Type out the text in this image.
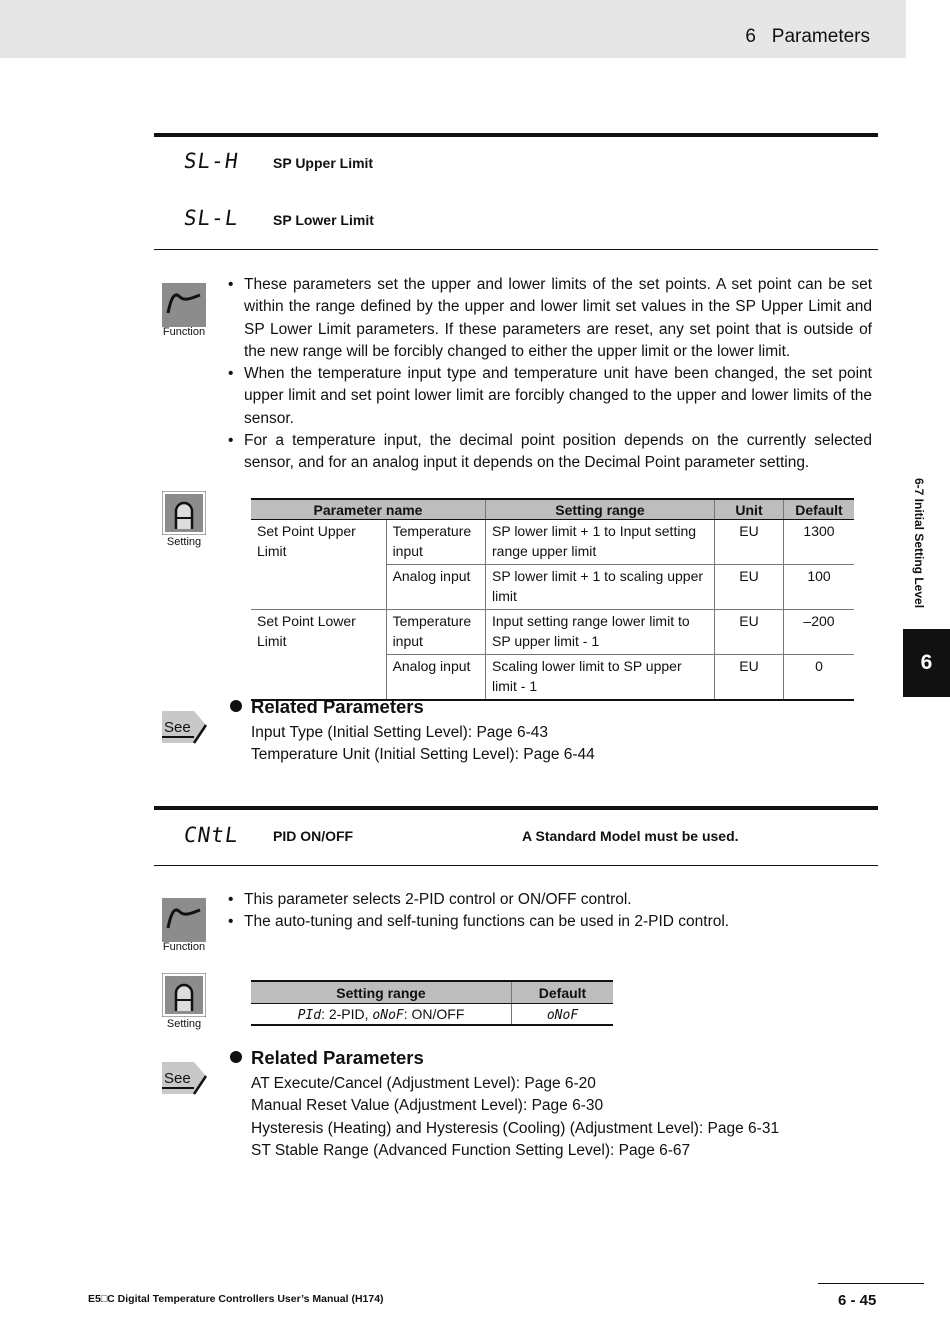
6   Parameters
SL-H SP Upper Limit
SL-L SP Lower Limit
Function
• These parameters set the upper and lower limits of the set points. A set point can be set within the range defined by the upper and lower limit set values in the SP Upper Limit and SP Lower Limit parameters. If these parameters are reset, any set point that is outside of the new range will be forcibly changed to either the upper limit or the lower limit.
• When the temperature input type and temperature unit have been changed, the set point upper limit and set point lower limit are forcibly changed to the upper and lower limits of the sensor.
• For a temperature input, the decimal point position depends on the currently selected sensor, and for an analog input it depends on the Decimal Point parameter setting.
Setting
Parameter name		Setting range	Unit	Default
Set Point Upper Limit	Temperature input	SP lower limit + 1 to Input setting range upper limit	EU	1300
	Analog input	SP lower limit + 1 to scaling upper limit	EU	100
Set Point Lower Limit	Temperature input	Input setting range lower limit to SP upper limit - 1	EU	–200
	Analog input	Scaling lower limit to SP upper limit - 1	EU	0
See
Related Parameters
Input Type (Initial Setting Level): Page 6-43
Temperature Unit (Initial Setting Level): Page 6-44
CNtL PID ON/OFF	A Standard Model must be used.
Function
• This parameter selects 2-PID control or ON/OFF control.
• The auto-tuning and self-tuning functions can be used in 2-PID control.
Setting
Setting range	Default
PId: 2-PID, oNoF: ON/OFF	oNoF
See
Related Parameters
AT Execute/Cancel (Adjustment Level): Page 6-20
Manual Reset Value (Adjustment Level): Page 6-30
Hysteresis (Heating) and Hysteresis (Cooling) (Adjustment Level): Page 6-31
ST Stable Range (Advanced Function Setting Level): Page 6-67
6-7 Initial Setting Level
6
E5□C Digital Temperature Controllers User’s Manual (H174)	6 - 45
